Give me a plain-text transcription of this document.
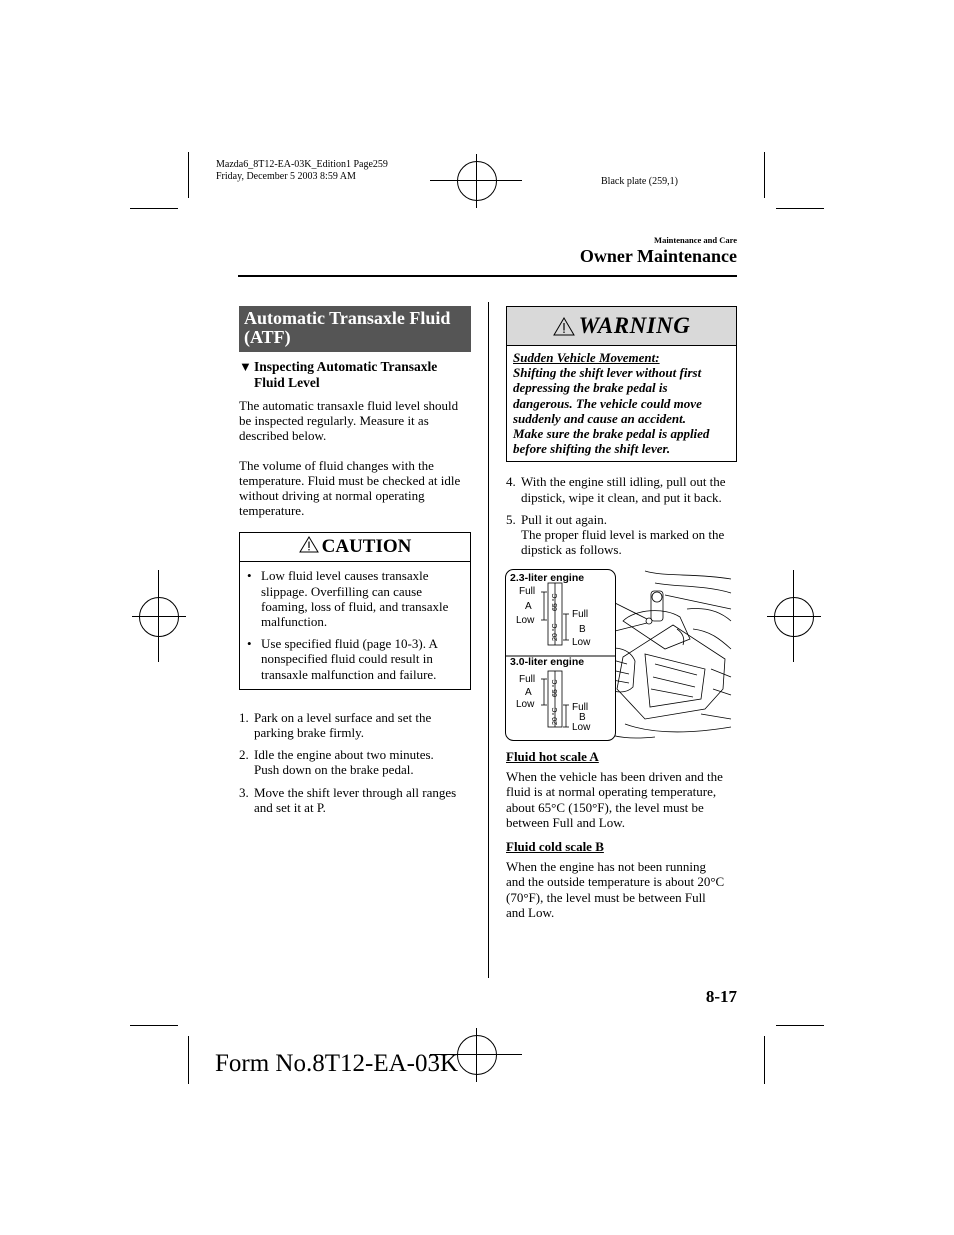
Mazda6_8T12-EA-03K_Edition1 Page259
Friday, December 5 2003 8:59 AM	Black plate (259,1)
Maintenance and Care
Owner Maintenance
Automatic Transaxle Fluid
(ATF)
▼ Inspecting Automatic Transaxle
Fluid Level
The automatic transaxle fluid level should
be inspected regularly. Measure it as
described below.
The volume of fluid changes with the
temperature. Fluid must be checked at idle
without driving at normal operating
temperature.
CAUTION
• Low fluid level causes transaxle
slippage. Overfilling can cause
foaming, loss of fluid, and transaxle
malfunction.
• Use specified fluid (page 10-3). A
nonspecified fluid could result in
transaxle malfunction and failure.
1. Park on a level surface and set the
parking brake firmly.
2. Idle the engine about two minutes.
Push down on the brake pedal.
3. Move the shift lever through all ranges
and set it at P.
WARNING
Sudden Vehicle Movement:
Shifting the shift lever without first
depressing the brake pedal is
dangerous. The vehicle could move
suddenly and cause an accident.
Make sure the brake pedal is applied
before shifting the shift lever.
4. With the engine still idling, pull out the
dipstick, wipe it clean, and put it back.
5. Pull it out again.
The proper fluid level is marked on the
dipstick as follows.
2.3-liter engine
Full
A
Low
Full
B
Low
65 °C
20 °C
3.0-liter engine
Full
A
Low	Full
B
Low
65 °C
20 °C
Fluid hot scale A
When the vehicle has been driven and the
fluid is at normal operating temperature,
about 65°C (150°F), the level must be
between Full and Low.
Fluid cold scale B
When the engine has not been running
and the outside temperature is about 20°C
(70°F), the level must be between Full
and Low.
8-17
Form No.8T12-EA-03K
